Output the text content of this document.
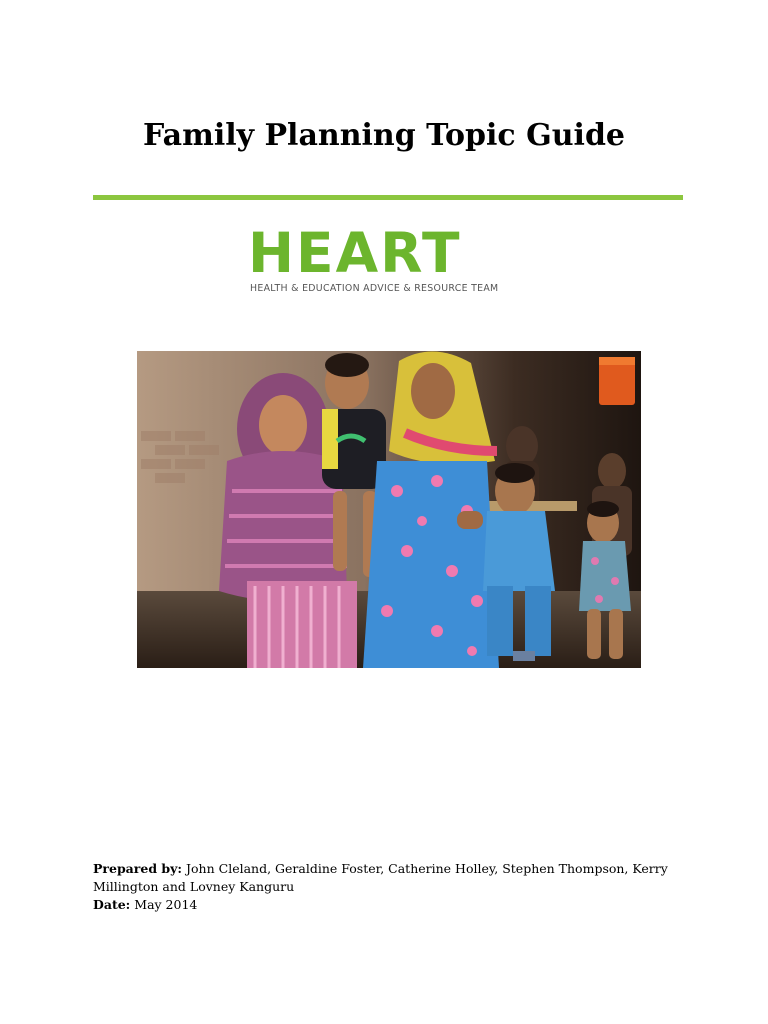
Family Planning Topic Guide
HEART
HEALTH & EDUCATION ADVICE & RESOURCE TEAM
Prepared by: John Cleland, Geraldine Foster, Catherine Holley, Stephen Thompson, Kerry Millington and Lovney Kanguru
Date: May 2014
